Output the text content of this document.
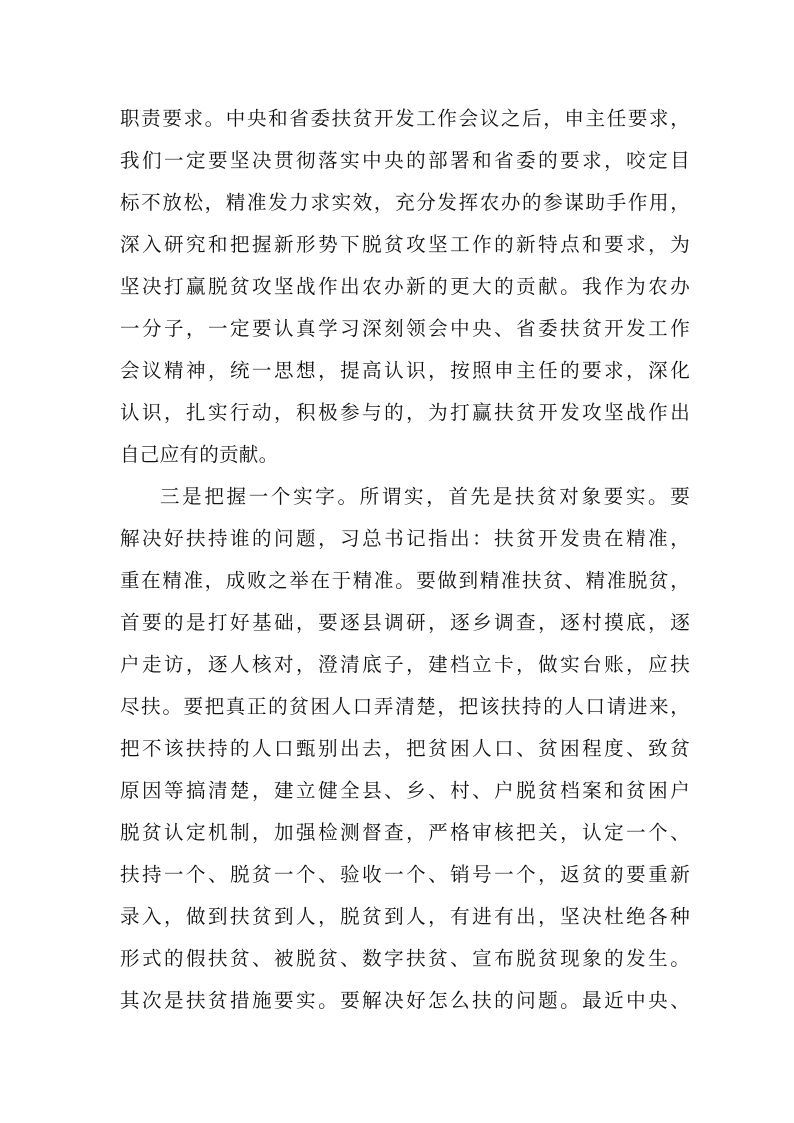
职责要求。中央和省委扶贫开发工作会议之后，申主任要求，
我们一定要坚决贯彻落实中央的部署和省委的要求，咬定目
标不放松，精准发力求实效，充分发挥农办的参谋助手作用，
深入研究和把握新形势下脱贫攻坚工作的新特点和要求，为
坚决打赢脱贫攻坚战作出农办新的更大的贡献。我作为农办
一分子，一定要认真学习深刻领会中央、省委扶贫开发工作
会议精神，统一思想，提高认识，按照申主任的要求，深化
认识，扎实行动，积极参与的，为打赢扶贫开发攻坚战作出
自己应有的贡献。
三是把握一个实字。所谓实，首先是扶贫对象要实。要
解决好扶持谁的问题，习总书记指出：扶贫开发贵在精准，
重在精准，成败之举在于精准。要做到精准扶贫、精准脱贫，
首要的是打好基础，要逐县调研，逐乡调查，逐村摸底，逐
户走访，逐人核对，澄清底子，建档立卡，做实台账，应扶
尽扶。要把真正的贫困人口弄清楚，把该扶持的人口请进来，
把不该扶持的人口甄别出去，把贫困人口、贫困程度、致贫
原因等搞清楚，建立健全县、乡、村、户脱贫档案和贫困户
脱贫认定机制，加强检测督查，严格审核把关，认定一个、
扶持一个、脱贫一个、验收一个、销号一个，返贫的要重新
录入，做到扶贫到人，脱贫到人，有进有出，坚决杜绝各种
形式的假扶贫、被脱贫、数字扶贫、宣布脱贫现象的发生。
其次是扶贫措施要实。要解决好怎么扶的问题。最近中央、
